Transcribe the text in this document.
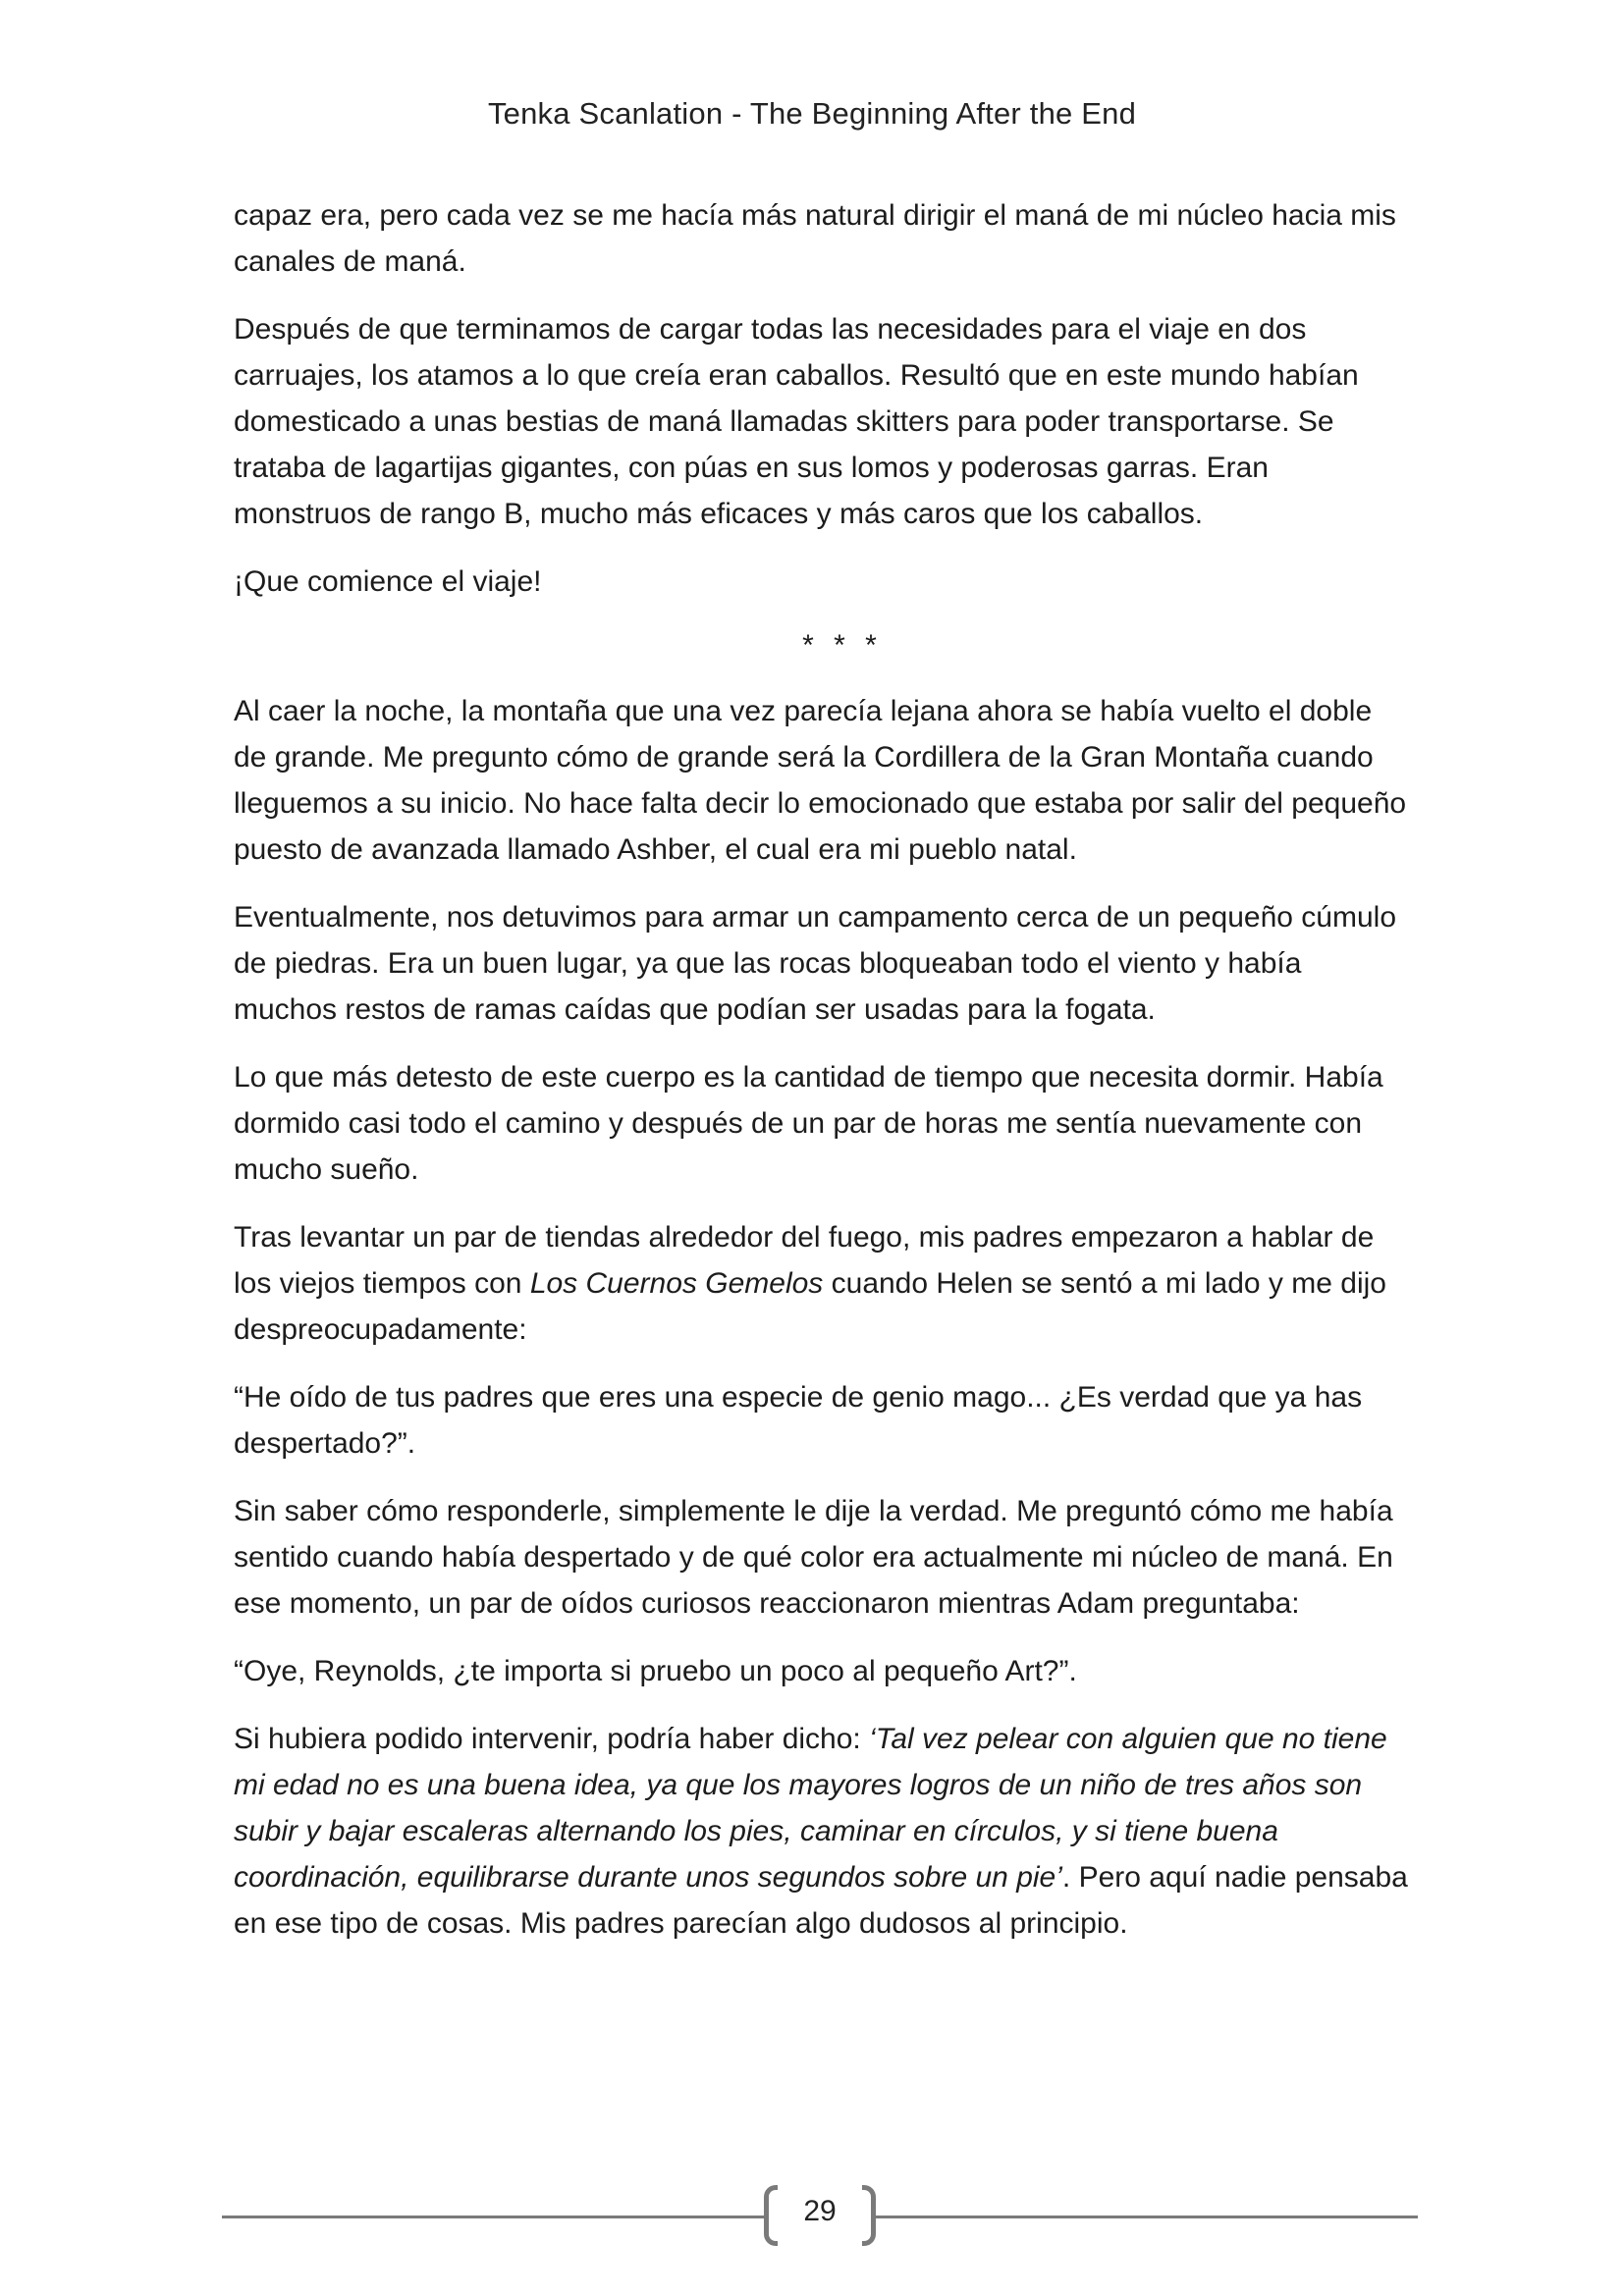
Tenka Scanlation - The Beginning After the End

capaz era, pero cada vez se me hacía más natural dirigir el maná de mi núcleo hacia mis canales de maná.

Después de que terminamos de cargar todas las necesidades para el viaje en dos carruajes, los atamos a lo que creía eran caballos. Resultó que en este mundo habían domesticado a unas bestias de maná llamadas skitters para poder transportarse. Se trataba de lagartijas gigantes, con púas en sus lomos y poderosas garras. Eran monstruos de rango B, mucho más eficaces y más caros que los caballos.

¡Que comience el viaje!

* * *

Al caer la noche, la montaña que una vez parecía lejana ahora se había vuelto el doble de grande. Me pregunto cómo de grande será la Cordillera de la Gran Montaña cuando lleguemos a su inicio. No hace falta decir lo emocionado que estaba por salir del pequeño puesto de avanzada llamado Ashber, el cual era mi pueblo natal.

Eventualmente, nos detuvimos para armar un campamento cerca de un pequeño cúmulo de piedras. Era un buen lugar, ya que las rocas bloqueaban todo el viento y había muchos restos de ramas caídas que podían ser usadas para la fogata.

Lo que más detesto de este cuerpo es la cantidad de tiempo que necesita dormir. Había dormido casi todo el camino y después de un par de horas me sentía nuevamente con mucho sueño.

Tras levantar un par de tiendas alrededor del fuego, mis padres empezaron a hablar de los viejos tiempos con Los Cuernos Gemelos cuando Helen se sentó a mi lado y me dijo despreocupadamente:

“He oído de tus padres que eres una especie de genio mago... ¿Es verdad que ya has despertado?”.

Sin saber cómo responderle, simplemente le dije la verdad. Me preguntó cómo me había sentido cuando había despertado y de qué color era actualmente mi núcleo de maná. En ese momento, un par de oídos curiosos reaccionaron mientras Adam preguntaba:

“Oye, Reynolds, ¿te importa si pruebo un poco al pequeño Art?”.

Si hubiera podido intervenir, podría haber dicho: ‘Tal vez pelear con alguien que no tiene mi edad no es una buena idea, ya que los mayores logros de un niño de tres años son subir y bajar escaleras alternando los pies, caminar en círculos, y si tiene buena coordinación, equilibrarse durante unos segundos sobre un pie’. Pero aquí nadie pensaba en ese tipo de cosas. Mis padres parecían algo dudosos al principio.

29
